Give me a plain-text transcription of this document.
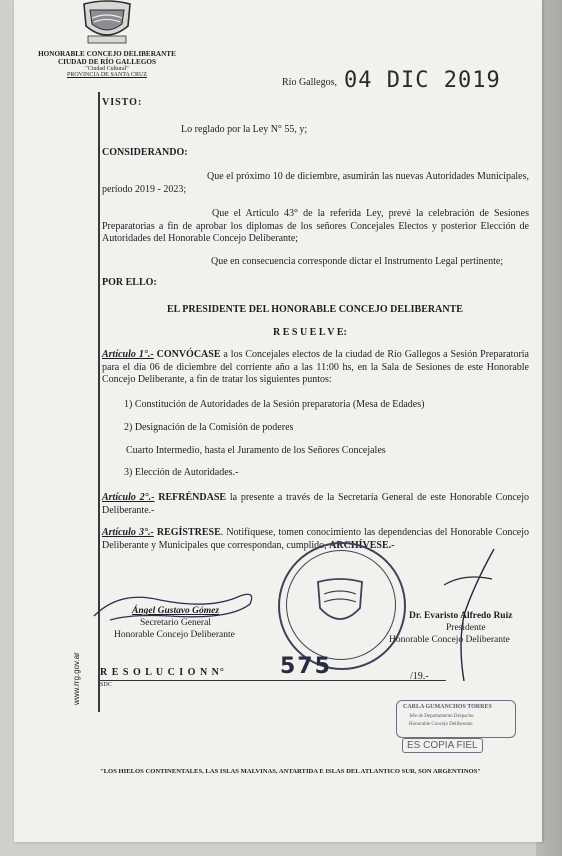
HONORABLE CONCEJO DELIBERANTE
CIUDAD DE RÍO GALLEGOS
"Ciudad Cultural"
PROVINCIA DE SANTA CRUZ
Río Gallegos, 04 DIC 2019
VISTO:
Lo reglado por la Ley N° 55, y;
CONSIDERANDO:
Que el próximo 10 de diciembre, asumirán las nuevas Autoridades Municipales, período 2019 - 2023;
Que el Artículo 43° de la referida Ley, prevé la celebración de Sesiones Preparatorias a fin de aprobar los diplomas de los señores Concejales Electos y posterior Elección de Autoridades del Honorable Concejo Deliberante;
Que en consecuencia corresponde dictar el Instrumento Legal pertinente;
POR ELLO:
EL PRESIDENTE DEL HONORABLE CONCEJO DELIBERANTE
R E S U E L V E:
Artículo 1°.- CONVÓCASE a los Concejales electos de la ciudad de Río Gallegos a Sesión Preparatoria para el día 06 de diciembre del corriente año a las 11:00 hs, en la Sala de Sesiones de este Honorable Concejo Deliberante, a fin de tratar los siguientes puntos:
1) Constitución de Autoridades de la Sesión preparatoria (Mesa de Edades)
2) Designación de la Comisión de poderes
Cuarto Intermedio, hasta el Juramento de los Señores Concejales
3) Elección de Autoridades.-
Artículo 2°.- REFRÉNDASE la presente a través de la Secretaría General de este Honorable Concejo Deliberante.-
Artículo 3°.- REGÍSTRESE. Notifíquese, tomen conocimiento las dependencias del Honorable Concejo Deliberante y Municipales que correspondan, cumplido, ARCHÍVESE.-
Ángel Gustavo Gómez
Secretario General
Honorable Concejo Deliberante
Dr. Evaristo Alfredo Ruiz
Presidente
Honorable Concejo Deliberante
R E S O L U C I O N N°	575
SDC
/19.-
www.rrg.gov.ar
CARLA GUMANCHOS TORRES
Jefe de Departamento Despacho
Honorable Concejo Deliberante
ES COPIA FIEL
"LOS HIELOS CONTINENTALES, LAS ISLAS MALVINAS, ANTARTIDA E ISLAS DEL ATLANTICO SUR, SON ARGENTINOS"
